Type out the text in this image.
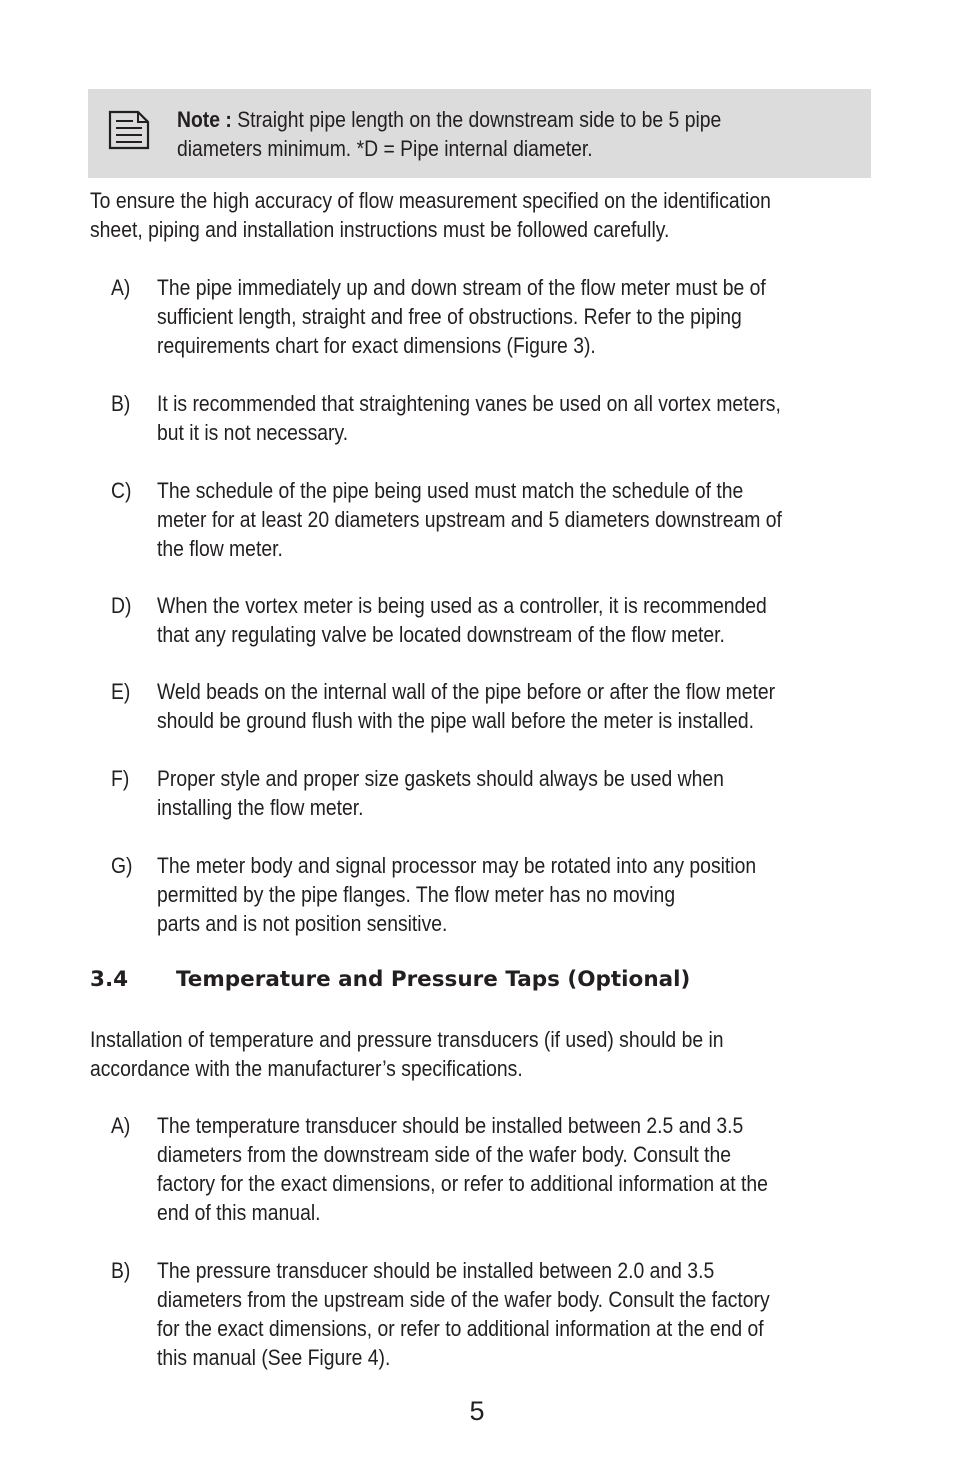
Note : Straight pipe length on the downstream side to be 5 pipe
diameters minimum. *D = Pipe internal diameter.
To ensure the high accuracy of flow measurement specified on the identification
sheet, piping and installation instructions must be followed carefully.
A) The pipe immediately up and down stream of the flow meter must be of
sufficient length, straight and free of obstructions. Refer to the piping
requirements chart for exact dimensions (Figure 3).
B) It is recommended that straightening vanes be used on all vortex meters,
but it is not necessary.
C) The schedule of the pipe being used must match the schedule of the
meter for at least 20 diameters upstream and 5 diameters downstream of
the flow meter.
D) When the vortex meter is being used as a controller, it is recommended
that any regulating valve be located downstream of the flow meter.
E) Weld beads on the internal wall of the pipe before or after the flow meter
should be ground flush with the pipe wall before the meter is installed.
F) Proper style and proper size gaskets should always be used when
installing the flow meter.
G) The meter body and signal processor may be rotated into any position
permitted by the pipe flanges. The flow meter has no moving
parts and is not position sensitive.
3.4 Temperature and Pressure Taps (Optional)
Installation of temperature and pressure transducers (if used) should be in
accordance with the manufacturer’s specifications.
A) The temperature transducer should be installed between 2.5 and 3.5
diameters from the downstream side of the wafer body. Consult the
factory for the exact dimensions, or refer to additional information at the
end of this manual.
B) The pressure transducer should be installed between 2.0 and 3.5
diameters from the upstream side of the wafer body. Consult the factory
for the exact dimensions, or refer to additional information at the end of
this manual (See Figure 4).
5
